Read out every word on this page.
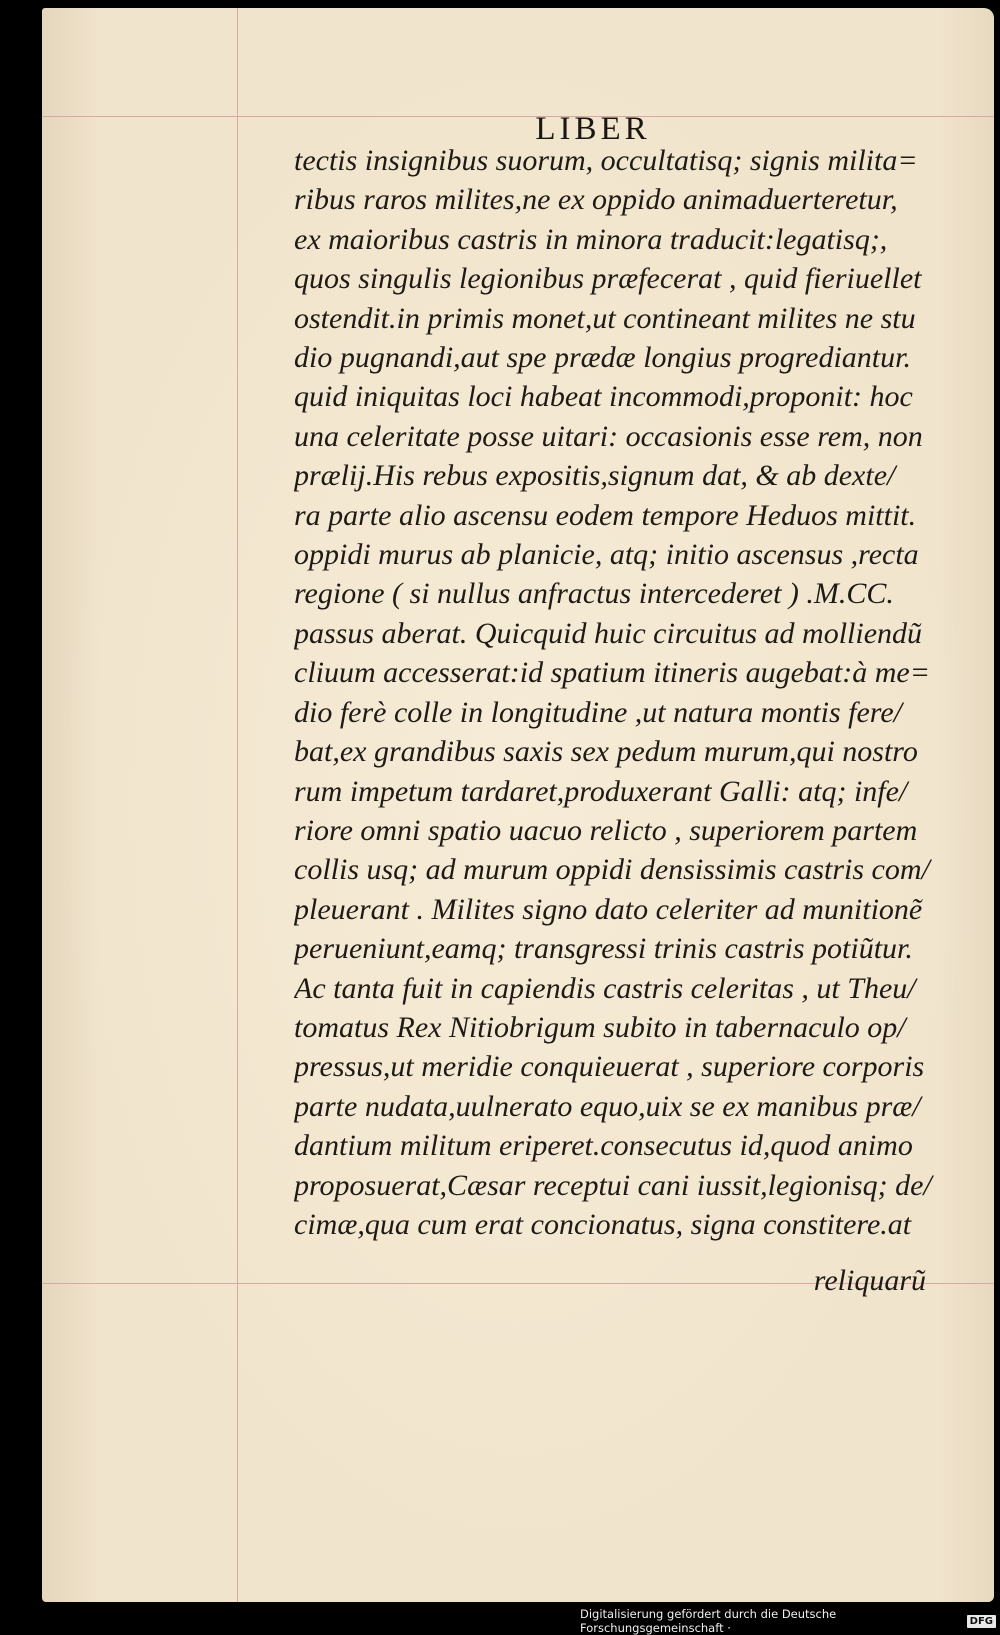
LIBER
tectis insignibus suorum, occultatisq; signis milita=
ribus raros milites,ne ex oppido animaduerteretur,
ex maioribus castris in minora traducit:legatisq;,
quos singulis legionibus præfecerat , quid fieriuellet
ostendit.in primis monet,ut contineant milites ne stu
dio pugnandi,aut spe prædæ longius progrediantur.
quid iniquitas loci habeat incommodi,proponit: hoc
una celeritate posse uitari: occasionis esse rem, non
prælij.His rebus expositis,signum dat, & ab dexte/
ra parte alio ascensu eodem tempore Heduos mittit.
oppidi murus ab planicie, atq; initio ascensus ,recta
regione ( si nullus anfractus intercederet ) .M.CC.
passus aberat. Quicquid huic circuitus ad molliendũ
cliuum accesserat:id spatium itineris augebat:à me=
dio ferè colle in longitudine ,ut natura montis fere/
bat,ex grandibus saxis sex pedum murum,qui nostro
rum impetum tardaret,produxerant Galli: atq; infe/
riore omni spatio uacuo relicto , superiorem partem
collis usq; ad murum oppidi densissimis castris com/
pleuerant . Milites signo dato celeriter ad munitionẽ
perueniunt,eamq; transgressi trinis castris potiũtur.
Ac tanta fuit in capiendis castris celeritas , ut Theu/
tomatus Rex Nitiobrigum subito in tabernaculo op/
pressus,ut meridie conquieuerat , superiore corporis
parte nudata,uulnerato equo,uix se ex manibus præ/
dantium militum eriperet.consecutus id,quod animo
proposuerat,Cæsar receptui cani iussit,legionisq; de/
cimæ,qua cum erat concionatus, signa constitere.at
reliquarũ
Digitalisierung gefördert durch die Deutsche Forschungsgemeinschaft ·	DFG
